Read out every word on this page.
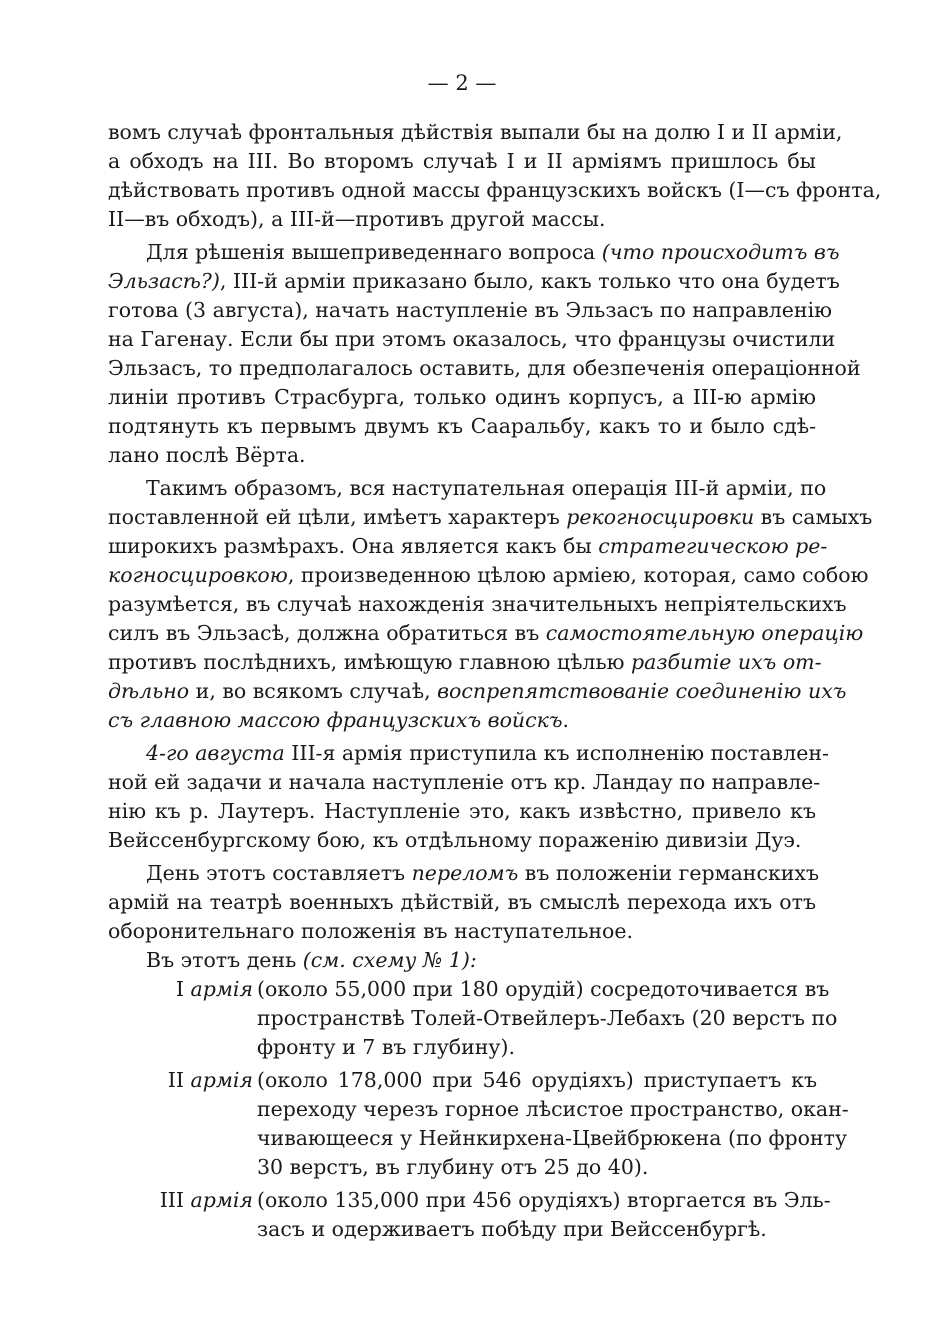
— 2 —
вомъ случаѣ фронтальныя дѣйствія выпали бы на долю I и II арміи,
а обходъ на III. Во второмъ случаѣ I и II арміямъ пришлось бы
дѣйствовать противъ одной массы французскихъ войскъ (I—съ фронта,
II—въ обходъ), а III-й—противъ другой массы.
Для рѣшенія вышеприведеннаго вопроса (что происходитъ въ
Эльзасѣ?), III-й арміи приказано было, какъ только что она будетъ
готова (3 августа), начать наступленіе въ Эльзасъ по направленію
на Гагенау. Если бы при этомъ оказалось, что французы очистили
Эльзасъ, то предполагалось оставить, для обезпеченія операціонной
линіи противъ Страсбурга, только одинъ корпусъ, а III-ю армію
подтянуть къ первымъ двумъ къ Сааральбу, какъ то и было сдѣ-
лано послѣ Вёрта.
Такимъ образомъ, вся наступательная операція III-й арміи, по
поставленной ей цѣли, имѣетъ характеръ рекогносцировки въ самыхъ
широкихъ размѣрахъ. Она является какъ бы стратегическою ре-
когносцировкою, произведенною цѣлою арміею, которая, само собою
разумѣется, въ случаѣ нахожденія значительныхъ непріятельскихъ
силъ въ Эльзасѣ, должна обратиться въ самостоятельную операцію
противъ послѣднихъ, имѣющую главною цѣлью разбитіе ихъ от-
дѣльно и, во всякомъ случаѣ, воспрепятствованіе соединенію ихъ
съ главною массою французскихъ войскъ.
4-го августа III-я армія приступила къ исполненію поставлен-
ной ей задачи и начала наступленіе отъ кр. Ландау по направле-
нію къ р. Лаутеръ. Наступленіе это, какъ извѣстно, привело къ
Вейссенбургскому бою, къ отдѣльному пораженію дивизіи Дуэ.
День этотъ составляетъ переломъ въ положеніи германскихъ
армій на театрѣ военныхъ дѣйствій, въ смыслѣ перехода ихъ отъ
оборонительнаго положенія въ наступательное.
Въ этотъ день (см. схему № 1):
I армія (около 55,000 при 180 орудій) сосредоточивается въ
пространствѣ Толей-Отвейлеръ-Лебахъ (20 верстъ по
фронту и 7 въ глубину).
II армія (около 178,000 при 546 орудіяхъ) приступаетъ къ
переходу черезъ горное лѣсистое пространство, окан-
чивающееся у Нейнкирхена-Цвейбрюкена (по фронту
30 верстъ, въ глубину отъ 25 до 40).
III армія (около 135,000 при 456 орудіяхъ) вторгается въ Эль-
засъ и одерживаетъ побѣду при Вейссенбургѣ.
